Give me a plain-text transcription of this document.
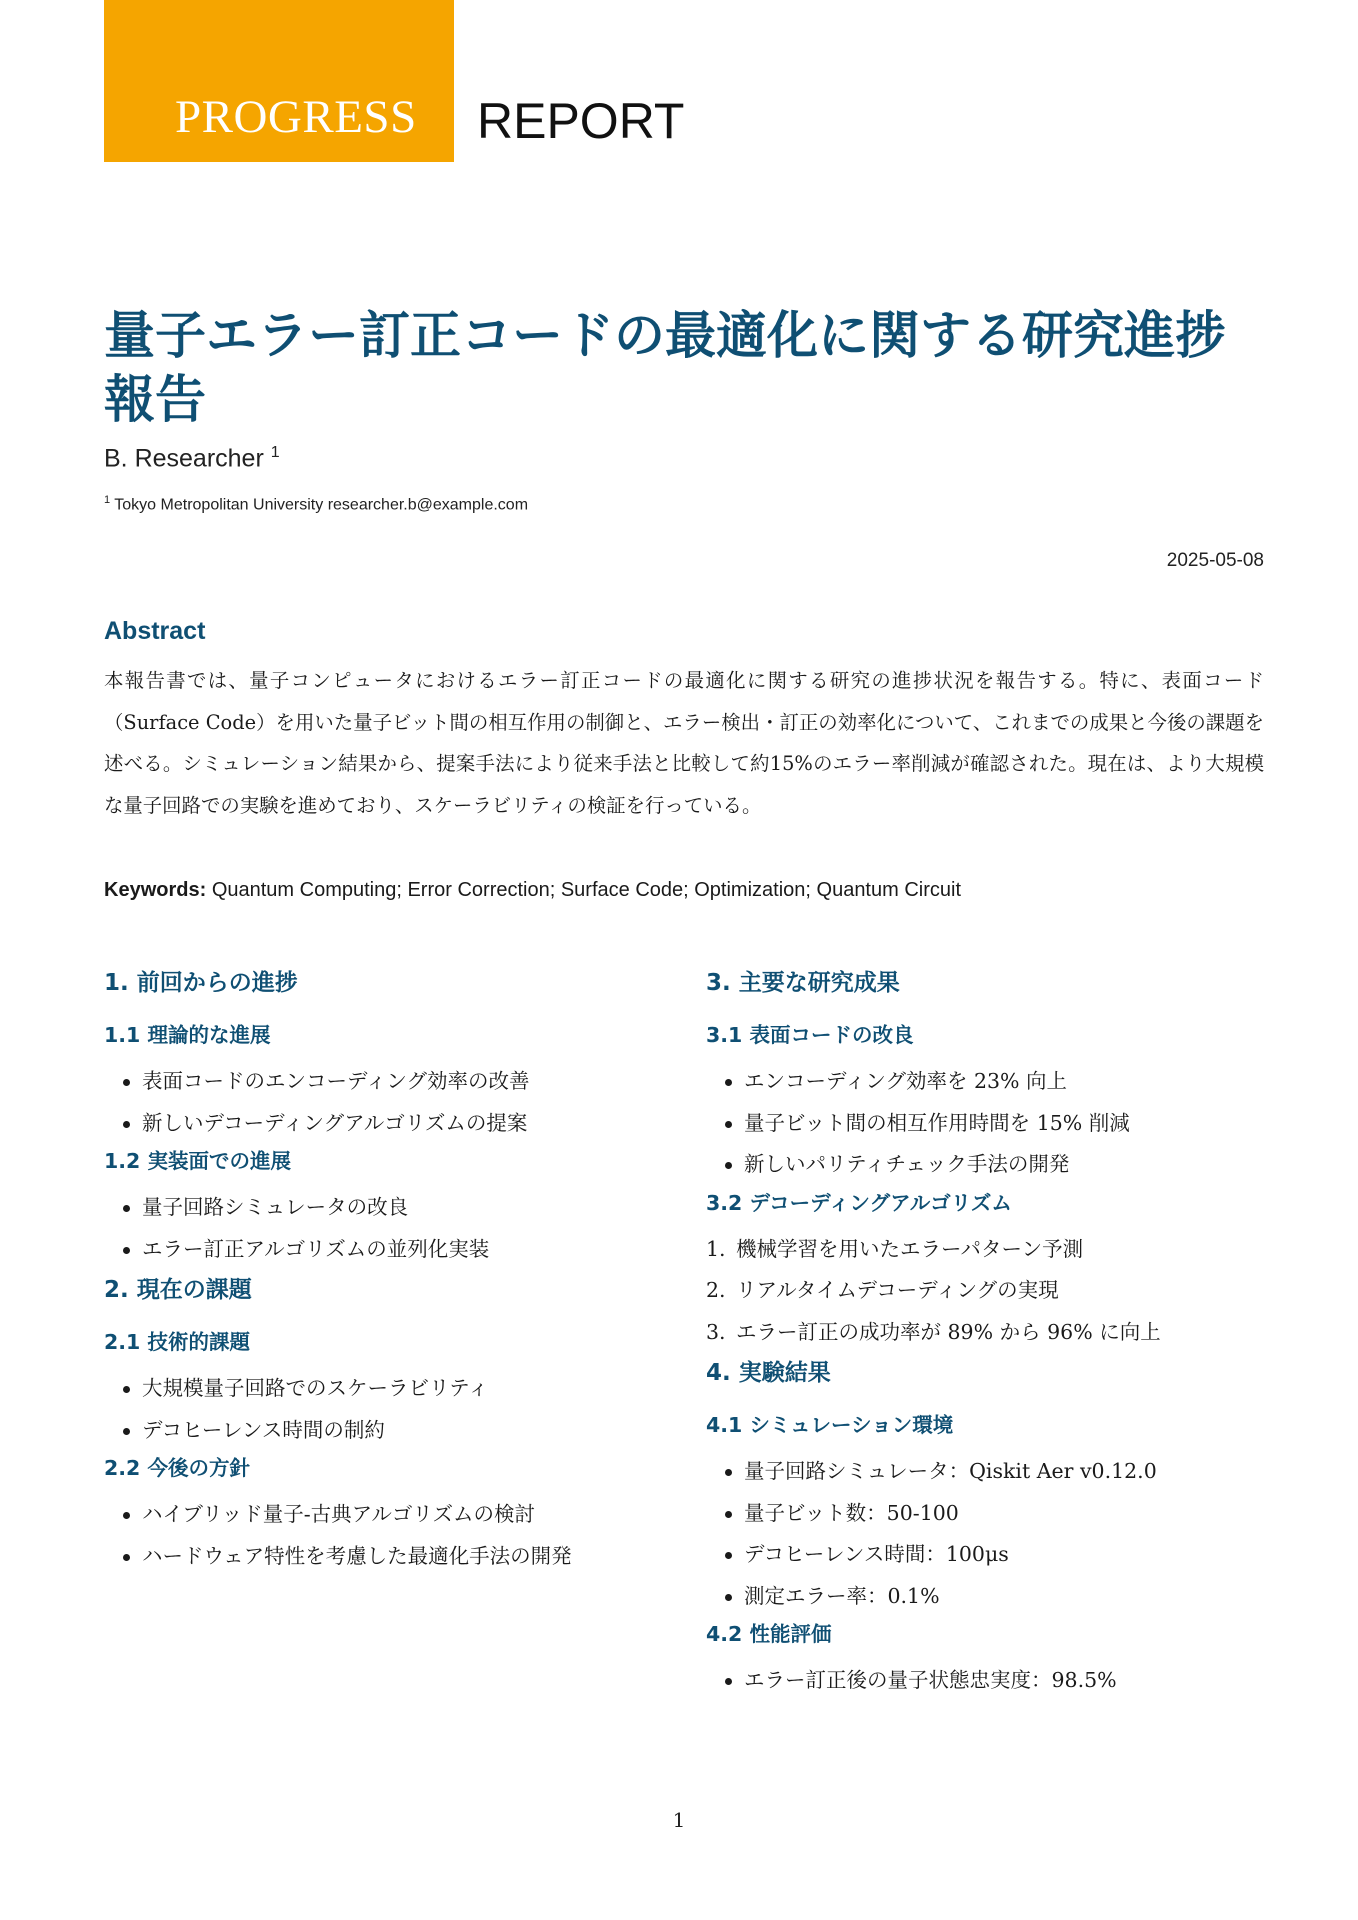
PROGRESS REPORT
量子エラー訂正コードの最適化に関する研究進捗報告
B. Researcher $^1$
$^1$ Tokyo Metropolitan University researcher.b@example.com
2025-05-08
Abstract

本報告書では、量子コンピュータにおけるエラー訂正コードの最適化に関する研究の進捗状況を報告する。特に、表面コード（Surface Code）を用いた量子ビット間の相互作用の制御と、エラー検出・訂正の効率化について、これまでの成果と今後の課題を述べる。シミュレーション結果から、提案手法により従来手法と比較して約15%のエラー率削減が確認された。現在は、より大規模な量子回路での実験を進めており、スケーラビリティの検証を行っている。

Keywords: Quantum Computing; Error Correction; Surface Code; Optimization; Quantum Circuit
1. 前回からの進捗
1.1 理論的な進展
表面コードのエンコーディング効率の改善
新しいデコーディングアルゴリズムの提案
1.2 実装面での進展
量子回路シミュレータの改良
エラー訂正アルゴリズムの並列化実装
2. 現在の課題
2.1 技術的課題
大規模量子回路でのスケーラビリティ
デコヒーレンス時間の制約
2.2 今後の方針
ハイブリッド量子-古典アルゴリズムの検討
ハードウェア特性を考慮した最適化手法の開発
3. 主要な研究成果
3.1 表面コードの改良
エンコーディング効率を 23% 向上
量子ビット間の相互作用時間を 15% 削減
新しいパリティチェック手法の開発
3.2 デコーディングアルゴリズム
1. 機械学習を用いたエラーパターン予測
2. リアルタイムデコーディングの実現
3. エラー訂正の成功率が 89% から 96% に向上
4. 実験結果
4.1 シミュレーション環境
量子回路シミュレータ：Qiskit Aer v0.12.0
量子ビット数：50-100
デコヒーレンス時間：100μs
測定エラー率：0.1%
4.2 性能評価
エラー訂正後の量子状態忠実度：98.5%
1
